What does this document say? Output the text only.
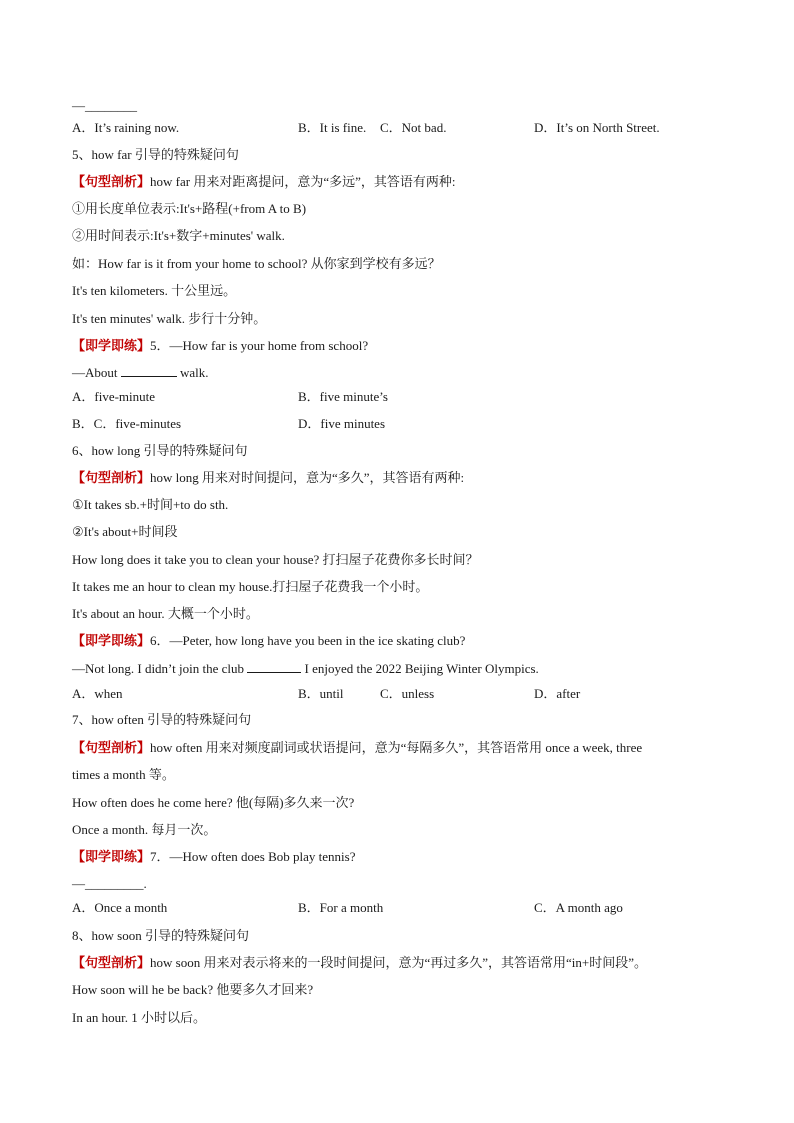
—________
A．It’s raining now.	B．It is fine. C．Not bad.	D．It’s on North Street.
5、how far 引导的特殊疑问句
【句型剖析】how far 用来对距离提问，意为“多远”，其答语有两种:
①用长度单位表示:It's+路程(+from A to B)
②用时间表示:It's+数字+minutes' walk.
如：How far is it from your home to school? 从你家到学校有多远？
It's ten kilometers. 十公里远。
It's ten minutes' walk. 步行十分钟。
【即学即练】5．—How far is your home from school?
—About	walk.
A．five-minute	B．five minute’s
B．C．five-minutes	D．five minutes
6、how long 引导的特殊疑问句
【句型剖析】how long 用来对时间提问，意为“多久”，其答语有两种:
①It takes sb.+时间+to do sth.
②It's about+时间段
How long does it take you to clean your house? 打扫屋子花费你多长时间？
It takes me an hour to clean my house.打扫屋子花费我一个小时。
It's about an hour. 大概一个小时。
【即学即练】6．—Peter, how long have you been in the ice skating club?
—Not long. I didn’t join the club	I enjoyed the 2022 Beijing Winter Olympics.
A．when	B．until	C．unless	D．after
7、how often 引导的特殊疑问句
【句型剖析】how often 用来对频度副词或状语提问，意为“每隔多久”，其答语常用 once a week, three
times a month 等。
How often does he come here? 他(每隔)多久来一次?
Once a month. 每月一次。
【即学即练】7．—How often does Bob play tennis?
—_________.
A．Once a month	B．For a month	C．A month ago
8、how soon 引导的特殊疑问句
【句型剖析】how soon 用来对表示将来的一段时间提问，意为“再过多久”，其答语常用“in+时间段”。
How soon will he be back? 他要多久才回来?
In an hour. 1 小时以后。
